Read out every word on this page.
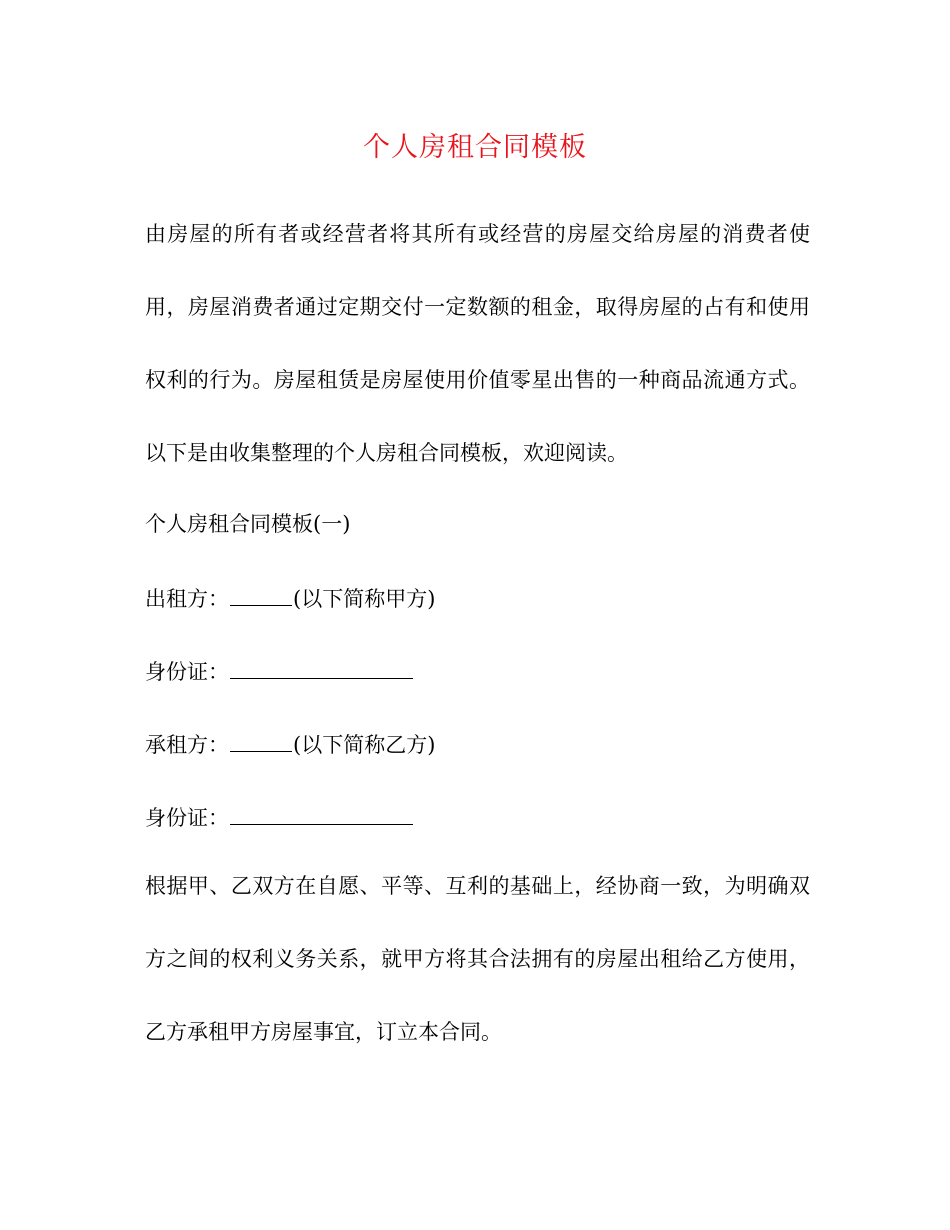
个人房租合同模板

由房屋的所有者或经营者将其所有或经营的房屋交给房屋的消费者使用，房屋消费者通过定期交付一定数额的租金，取得房屋的占有和使用权利的行为。房屋租赁是房屋使用价值零星出售的一种商品流通方式。以下是由收集整理的个人房租合同模板，欢迎阅读。

个人房租合同模板(一)

出租方：	(以下简称甲方)

身份证：

承租方：	(以下简称乙方)

身份证：

根据甲、乙双方在自愿、平等、互利的基础上，经协商一致，为明确双方之间的权利义务关系，就甲方将其合法拥有的房屋出租给乙方使用，乙方承租甲方房屋事宜，订立本合同。
